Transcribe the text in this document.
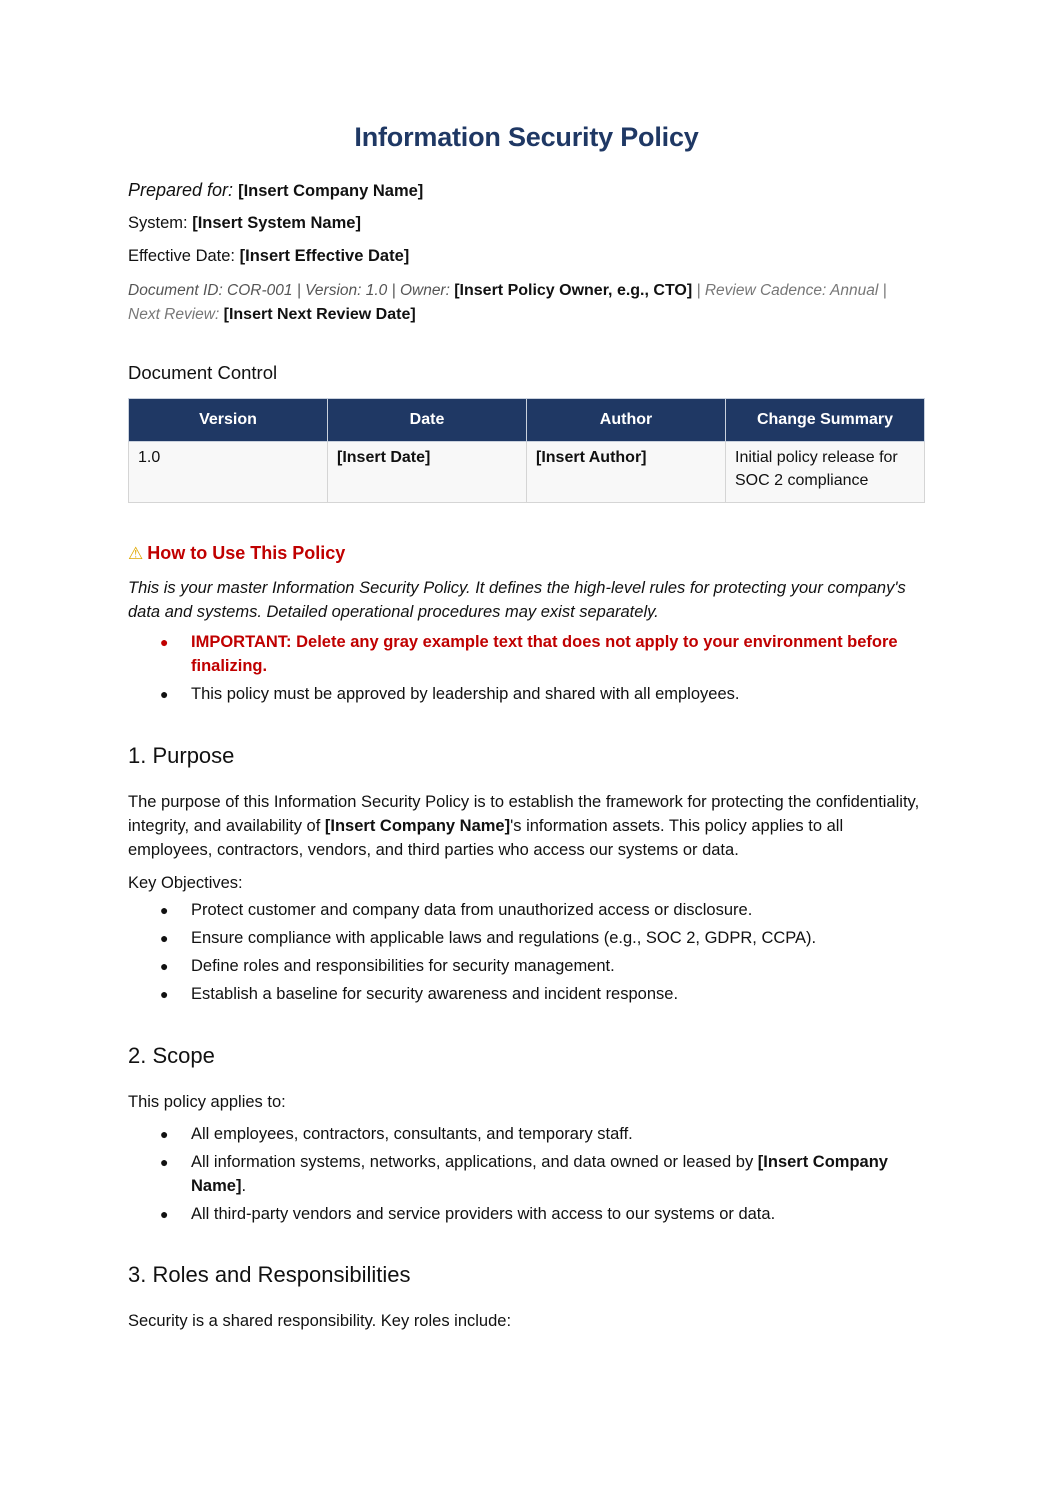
Information Security Policy
Prepared for: [Insert Company Name]
System: [Insert System Name]
Effective Date: [Insert Effective Date]
Document ID: COR-001 | Version: 1.0 | Owner: [Insert Policy Owner, e.g., CTO] | Review Cadence: Annual |
Next Review: [Insert Next Review Date]
Document Control
Version	Date	Author	Change Summary
1.0	[Insert Date]	[Insert Author]	Initial policy release for SOC 2 compliance
⚠ How to Use This Policy
This is your master Information Security Policy. It defines the high-level rules for protecting your company's data and systems. Detailed operational procedures may exist separately.
● IMPORTANT: Delete any gray example text that does not apply to your environment before finalizing.
● This policy must be approved by leadership and shared with all employees.
1. Purpose
The purpose of this Information Security Policy is to establish the framework for protecting the confidentiality, integrity, and availability of [Insert Company Name]'s information assets. This policy applies to all employees, contractors, vendors, and third parties who access our systems or data.
Key Objectives:
● Protect customer and company data from unauthorized access or disclosure.
● Ensure compliance with applicable laws and regulations (e.g., SOC 2, GDPR, CCPA).
● Define roles and responsibilities for security management.
● Establish a baseline for security awareness and incident response.
2. Scope
This policy applies to:
● All employees, contractors, consultants, and temporary staff.
● All information systems, networks, applications, and data owned or leased by [Insert Company Name].
● All third-party vendors and service providers with access to our systems or data.
3. Roles and Responsibilities
Security is a shared responsibility. Key roles include:
